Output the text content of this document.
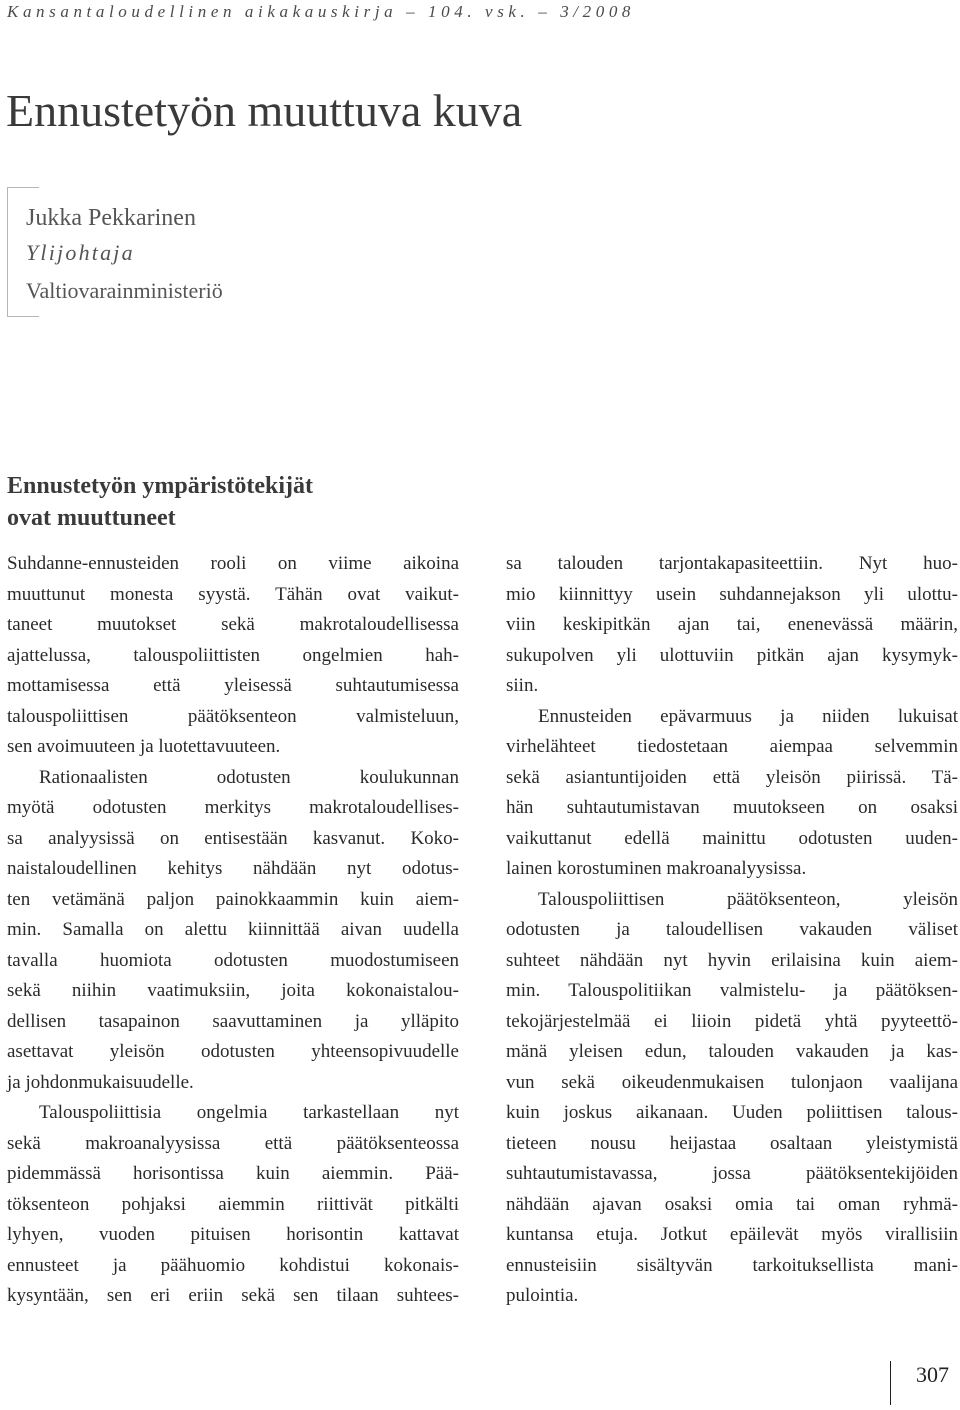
Kansantaloudellinen aikakauskirja – 104. vsk. – 3/2008
Ennustetyön muuttuva kuva
Jukka Pekkarinen
Ylijohtaja
Valtiovarainministeriö
Ennustetyön ympäristötekijät
ovat muuttuneet
Suhdanne-ennusteiden rooli on viime aikoina
muuttunut monesta syystä. Tähän ovat vaikut-
taneet muutokset sekä makrotaloudellisessa
ajattelussa, talouspoliittisten ongelmien hah-
mottamisessa että yleisessä suhtautumisessa
talouspoliittisen päätöksenteon valmisteluun,
sen avoimuuteen ja luotettavuuteen.
Rationaalisten odotusten koulukunnan
myötä odotusten merkitys makrotaloudellises-
sa analyysissä on entisestään kasvanut. Koko-
naistaloudellinen kehitys nähdään nyt odotus-
ten vetämänä paljon painokkaammin kuin aiem-
min. Samalla on alettu kiinnittää aivan uudella
tavalla huomiota odotusten muodostumiseen
sekä niihin vaatimuksiin, joita kokonaistalou-
dellisen tasapainon saavuttaminen ja ylläpito
asettavat yleisön odotusten yhteensopivuudelle
ja johdonmukaisuudelle.
Talouspoliittisia ongelmia tarkastellaan nyt
sekä makroanalyysissa että päätöksenteossa
pidemmässä horisontissa kuin aiemmin. Pää-
töksenteon pohjaksi aiemmin riittivät pitkälti
lyhyen, vuoden pituisen horisontin kattavat
ennusteet ja päähuomio kohdistui kokonais-
kysyntään, sen eri eriin sekä sen tilaan suhtees-
sa talouden tarjontakapasiteettiin. Nyt huo-
mio kiinnittyy usein suhdannejakson yli ulottu-
viin keskipitkän ajan tai, enenevässä määrin,
sukupolven yli ulottuviin pitkän ajan kysymyk-
siin.
Ennusteiden epävarmuus ja niiden lukuisat
virhelähteet tiedostetaan aiempaa selvemmin
sekä asiantuntijoiden että yleisön piirissä. Tä-
hän suhtautumistavan muutokseen on osaksi
vaikuttanut edellä mainittu odotusten uuden-
lainen korostuminen makroanalyysissa.
Talouspoliittisen päätöksenteon, yleisön
odotusten ja taloudellisen vakauden väliset
suhteet nähdään nyt hyvin erilaisina kuin aiem-
min. Talouspolitiikan valmistelu- ja päätöksen-
tekojärjestelmää ei liioin pidetä yhtä pyyteettö-
mänä yleisen edun, talouden vakauden ja kas-
vun sekä oikeudenmukaisen tulonjaon vaalijana
kuin joskus aikanaan. Uuden poliittisen talous-
tieteen nousu heijastaa osaltaan yleistymistä
suhtautumistavassa, jossa päätöksentekijöiden
nähdään ajavan osaksi omia tai oman ryhmä-
kuntansa etuja. Jotkut epäilevät myös virallisiin
ennusteisiin sisältyvän tarkoituksellista mani-
pulointia.
307
